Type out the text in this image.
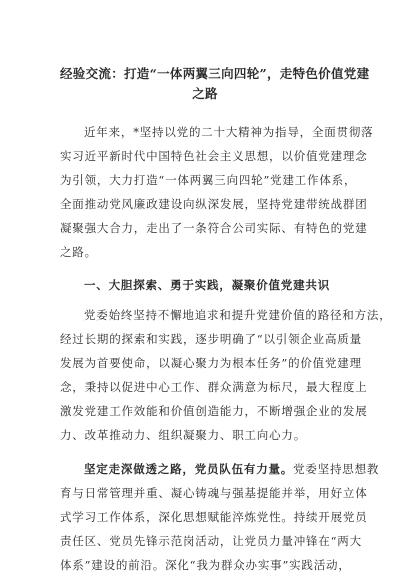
经验交流：打造“一体两翼三向四轮”，走特色价值党建
之路
近年来，*坚持以党的二十大精神为指导，全面贯彻落
实习近平新时代中国特色社会主义思想，以价值党建理念
为引领，大力打造“一体两翼三向四轮”党建工作体系，
全面推动党风廉政建设向纵深发展，坚持党建带统战群团
凝聚强大合力，走出了一条符合公司实际、有特色的党建
之路。
一、大胆探索、勇于实践，凝聚价值党建共识
党委始终坚持不懈地追求和提升党建价值的路径和方法，
经过长期的探索和实践，逐步明确了“以引领企业高质量
发展为首要使命，以凝心聚力为根本任务”的价值党建理
念，秉持以促进中心工作、群众满意为标尺，最大程度上
激发党建工作效能和价值创造能力，不断增强企业的发展
力、改革推动力、组织凝聚力、职工向心力。
坚定走深做透之路，党员队伍有力量。党委坚持思想教
育与日常管理并重、凝心铸魂与强基提能并举，用好立体
式学习工作体系，深化思想赋能淬炼党性。持续开展党员
责任区、党员先锋示范岗活动，让党员力量冲锋在“两大
体系”建设的前沿。深化“我为群众办实事”实践活动，
